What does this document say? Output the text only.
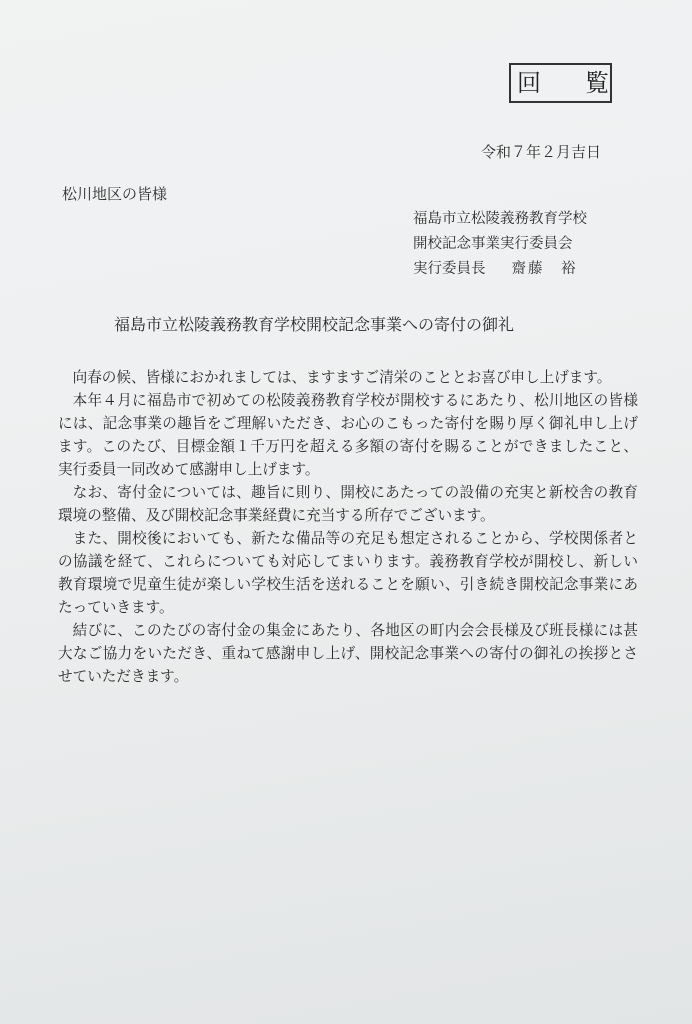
回　覧
令和７年２月吉日
松川地区の皆様
福島市立松陵義務教育学校
開校記念事業実行委員会
実行委員長 齋藤　裕
福島市立松陵義務教育学校開校記念事業への寄付の御礼

向春の候、皆様におかれましては、ますますご清栄のこととお喜び申し上げます。

本年４月に福島市で初めての松陵義務教育学校が開校するにあたり、松川地区の皆様には、記念事業の趣旨をご理解いただき、お心のこもった寄付を賜り厚く御礼申し上げます。このたび、目標金額１千万円を超える多額の寄付を賜ることができましたこと、実行委員一同改めて感謝申し上げます。

なお、寄付金については、趣旨に則り、開校にあたっての設備の充実と新校舎の教育環境の整備、及び開校記念事業経費に充当する所存でございます。

また、開校後においても、新たな備品等の充足も想定されることから、学校関係者との協議を経て、これらについても対応してまいります。義務教育学校が開校し、新しい教育環境で児童生徒が楽しい学校生活を送れることを願い、引き続き開校記念事業にあたっていきます。

結びに、このたびの寄付金の集金にあたり、各地区の町内会会長様及び班長様には甚大なご協力をいただき、重ねて感謝申し上げ、開校記念事業への寄付の御礼の挨拶とさせていただきます。
